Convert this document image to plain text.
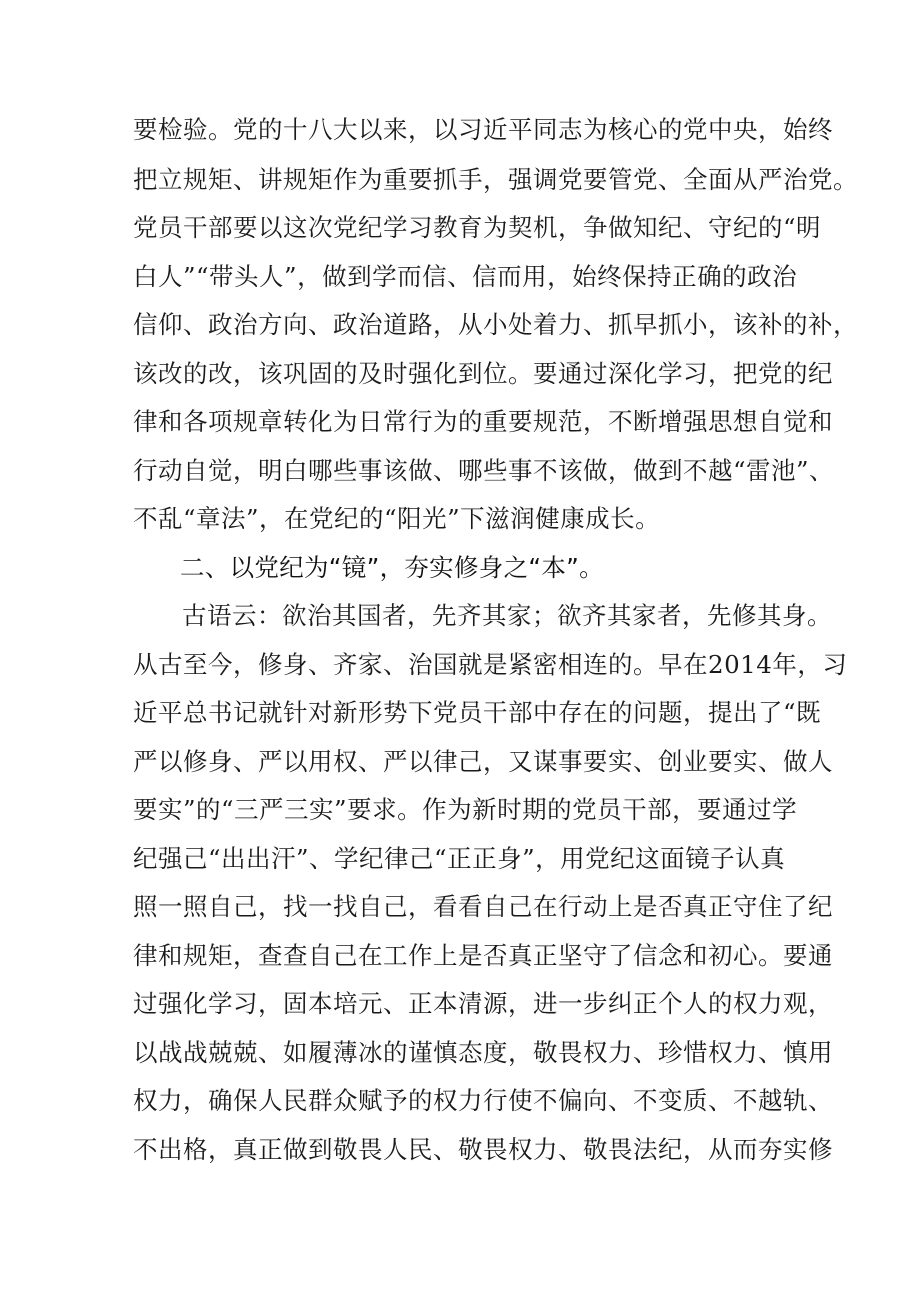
要检验。党的十八大以来，以习近平同志为核心的党中央，始终
把立规矩、讲规矩作为重要抓手，强调党要管党、全面从严治党。
党员干部要以这次党纪学习教育为契机，争做知纪、守纪的“明
白人”“带头人”，做到学而信、信而用，始终保持正确的政治
信仰、政治方向、政治道路，从小处着力、抓早抓小，该补的补，
该改的改，该巩固的及时强化到位。要通过深化学习，把党的纪
律和各项规章转化为日常行为的重要规范，不断增强思想自觉和
行动自觉，明白哪些事该做、哪些事不该做，做到不越“雷池”、
不乱“章法”，在党纪的“阳光”下滋润健康成长。
二、以党纪为“镜”，夯实修身之“本”。
古语云：欲治其国者，先齐其家；欲齐其家者，先修其身。
从古至今，修身、齐家、治国就是紧密相连的。早在2014年，习
近平总书记就针对新形势下党员干部中存在的问题，提出了“既
严以修身、严以用权、严以律己，又谋事要实、创业要实、做人
要实”的“三严三实”要求。作为新时期的党员干部，要通过学
纪强己“出出汗”、学纪律己“正正身”，用党纪这面镜子认真
照一照自己，找一找自己，看看自己在行动上是否真正守住了纪
律和规矩，查查自己在工作上是否真正坚守了信念和初心。要通
过强化学习，固本培元、正本清源，进一步纠正个人的权力观，
以战战兢兢、如履薄冰的谨慎态度，敬畏权力、珍惜权力、慎用
权力，确保人民群众赋予的权力行使不偏向、不变质、不越轨、
不出格，真正做到敬畏人民、敬畏权力、敬畏法纪，从而夯实修
